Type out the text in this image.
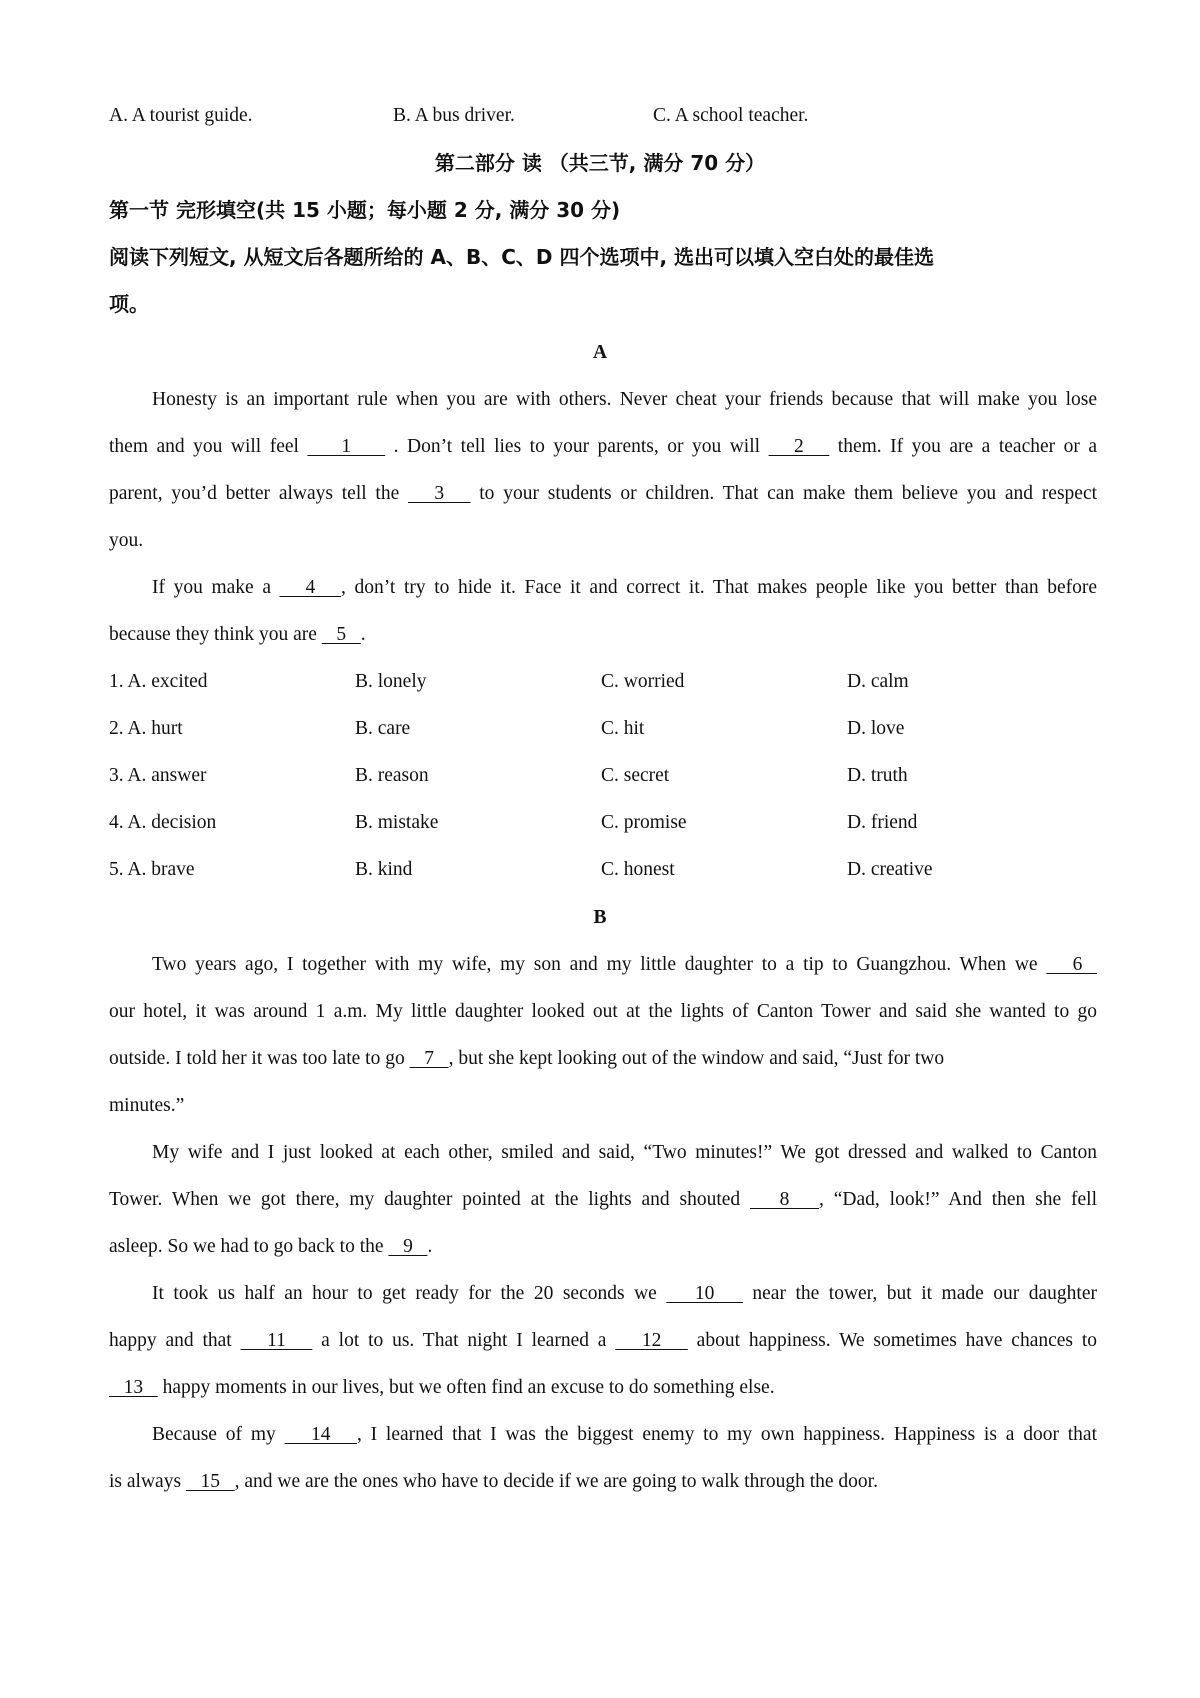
A. A tourist guide.	B. A bus driver.	C. A school teacher.
第二部分 读 （共三节, 满分 70 分）
第一节 完形填空(共 15 小题；每小题 2 分, 满分 30 分)
阅读下列短文, 从短文后各题所给的 A、B、C、D 四个选项中, 选出可以填入空白处的最佳选
项。
A
Honesty is an important rule when you are with others. Never cheat your friends because that will make you lose
them and you will feel     1     . Don’t tell lies to your parents, or you will    2    them. If you are a teacher or a
parent, you’d better always tell the    3    to your students or children. That can make them believe you and respect
you.
If you make a    4   , don’t try to hide it. Face it and correct it. That makes people like you better than before
because they think you are    5   .
1. A. excited	B. lonely	C. worried	D. calm
2. A. hurt	B. care	C. hit	D. love
3. A. answer	B. reason	C. secret	D. truth
4. A. decision	B. mistake	C. promise	D. friend
5. A. brave	B. kind	C. honest	D. creative
B
Two years ago, I together with my wife, my son and my little daughter to a tip to Guangzhou. When we    6
our hotel, it was around 1 a.m. My little daughter looked out at the lights of Canton Tower and said she wanted to go
outside. I told her it was too late to go    7   , but she kept looking out of the window and said, “Just for two
minutes.”
My wife and I just looked at each other, smiled and said, “Two minutes!” We got dressed and walked to Canton
Tower. When we got there, my daughter pointed at the lights and shouted    8   , “Dad, look!” And then she fell
asleep. So we had to go back to the    9   .
It took us half an hour to get ready for the 20 seconds we    10    near the tower, but it made our daughter
happy and that    11    a lot to us. That night I learned a    12    about happiness. We sometimes have chances to
13    happy moments in our lives, but we often find an excuse to do something else.
Because of my    14   , I learned that I was the biggest enemy to my own happiness. Happiness is a door that
is always    15   , and we are the ones who have to decide if we are going to walk through the door.
